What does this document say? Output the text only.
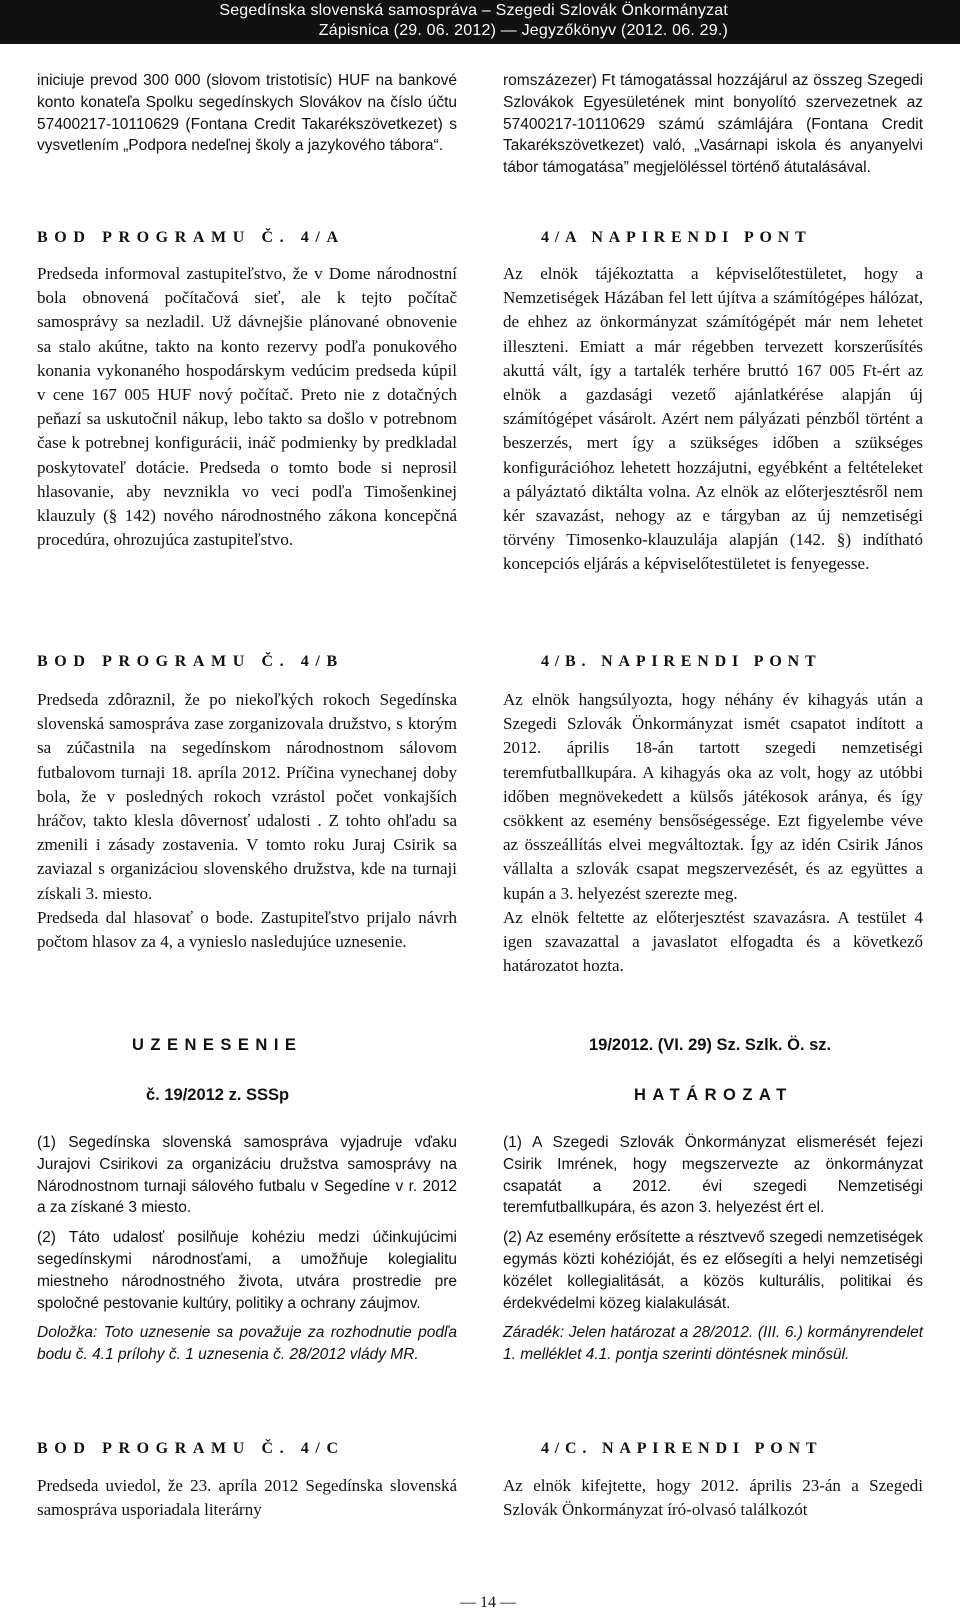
Segedínska slovenská samospráva – Szegedi Szlovák Önkormányzat
Zápisnica (29. 06. 2012) — Jegyzőkönyv (2012. 06. 29.)

iniciuje prevod 300 000 (slovom tristotisíc) HUF na bankové konto konateľa Spolku segedínskych Slovákov na číslo účtu 57400217-10110629 (Fontana Credit Takarékszövetkezet) s vysvetlením „Podpora nedeľnej školy a jazykového tábora“.

romszázezer) Ft támogatással hozzájárul az összeg Szegedi Szlovákok Egyesületének mint bonyolító szervezetnek az 57400217-10110629 számú számlájára (Fontana Credit Takarékszövetkezet) való, „Vasárnapi iskola és anyanyelvi tábor támogatása” megjelöléssel történő átutalásával.

BOD PROGRAMU Č. 4/A	4/A NAPIRENDI PONT

Predseda informoval zastupiteľstvo, že v Dome národnostní bola obnovená počítačová sieť, ale k tejto počítač samosprávy sa nezladil. Už dávnejšie plánované obnovenie sa stalo akútne, takto na konto rezervy podľa ponukového konania vykonaného hospodárskym vedúcim predseda kúpil v cene 167 005 HUF nový počítač. Preto nie z dotačných peňazí sa uskutočnil nákup, lebo takto sa došlo v potrebnom čase k potrebnej konfigurácii, ináč podmienky by predkladal poskytovateľ dotácie. Predseda o tomto bode si neprosil hlasovanie, aby nevznikla vo veci podľa Timošenkinej klauzuly (§ 142) nového národnostného zákona koncepčná procedúra, ohrozujúca zastupiteľstvo.

Az elnök tájékoztatta a képviselőtestületet, hogy a Nemzetiségek Házában fel lett újítva a számítógépes hálózat, de ehhez az önkormányzat számítógépét már nem lehetet illeszteni. Emiatt a már régebben tervezett korszerűsítés akuttá vált, így a tartalék terhére bruttó 167 005 Ft-ért az elnök a gazdasági vezető ajánlatkérése alapján új számítógépet vásárolt. Azért nem pályázati pénzből történt a beszerzés, mert így a szükséges időben a szükséges konfigurációhoz lehetett hozzájutni, egyébként a feltételeket a pályáztató diktálta volna. Az elnök az előterjesztésről nem kér szavazást, nehogy az e tárgyban az új nemzetiségi törvény Timosenko-klauzulája alapján (142. §) indítható koncepciós eljárás a képviselőtestületet is fenyegesse.

BOD PROGRAMU Č. 4/B	4/B. NAPIRENDI PONT

Predseda zdôraznil, že po niekoľkých rokoch Segedínska slovenská samospráva zase zorganizovala družstvo, s ktorým sa zúčastnila na segedínskom národnostnom sálovom futbalovom turnaji 18. apríla 2012. Príčina vynechanej doby bola, že v posledných rokoch vzrástol počet vonkajších hráčov, takto klesla dôvernosť udalosti . Z tohto ohľadu sa zmenili i zásady zostavenia. V tomto roku Juraj Csirik sa zaviazal s organizáciou slovenského družstva, kde na turnaji získali 3. miesto.

Predseda dal hlasovať o bode. Zastupiteľstvo prijalo návrh počtom hlasov za 4, a vynieslo nasledujúce uznesenie.

Az elnök hangsúlyozta, hogy néhány év kihagyás után a Szegedi Szlovák Önkormányzat ismét csapatot indított a 2012. április 18-án tartott szegedi nemzetiségi teremfutballkupára. A kihagyás oka az volt, hogy az utóbbi időben megnövekedett a külsős játékosok aránya, és így csökkent az esemény bensőségessége. Ezt figyelembe véve az összeállítás elvei megváltoztak. Így az idén Csirik János vállalta a szlovák csapat megszervezését, és az együttes a kupán a 3. helyezést szerezte meg.

Az elnök feltette az előterjesztést szavazásra. A testület 4 igen szavazattal a javaslatot elfogadta és a következő határozatot hozta.

UZENESENIE
č. 19/2012 z. SSSp
19/2012. (VI. 29) Sz. Szlk. Ö. sz.
HATÁROZAT

(1) Segedínska slovenská samospráva vyjadruje vďaku Jurajovi Csirikovi za organizáciu družstva samosprávy na Národnostnom turnaji sálového futbalu v Segedíne v r. 2012 a za získané 3 miesto.

(2) Táto udalosť posilňuje kohéziu medzi účinkujúcimi segedínskymi národnosťami, a umožňuje kolegialitu miestneho národnostného života, utvára prostredie pre spoločné pestovanie kultúry, politiky a ochrany záujmov.

Doložka: Toto uznesenie sa považuje za rozhodnutie podľa bodu č. 4.1 prílohy č. 1 uznesenia č. 28/2012 vlády MR.

(1) A Szegedi Szlovák Önkormányzat elismerését fejezi Csirik Imrének, hogy megszervezte az önkormányzat csapatát a 2012. évi szegedi Nemzetiségi teremfutballkupára, és azon 3. helyezést ért el.

(2) Az esemény erősítette a résztvevő szegedi nemzetiségek egymás közti kohézióját, és ez elősegíti a helyi nemzetiségi közélet kollegialitását, a közös kulturális, politikai és érdekvédelmi közeg kialakulását.

Záradék: Jelen határozat a 28/2012. (III. 6.) kormányrendelet 1. melléklet 4.1. pontja szerinti döntésnek minősül.

BOD PROGRAMU Č. 4/C	4/C. NAPIRENDI PONT

Predseda uviedol, že 23. apríla 2012 Segedínska slovenská samospráva usporiadala literárny

Az elnök kifejtette, hogy 2012. április 23-án a Szegedi Szlovák Önkormányzat író-olvasó találkozót

— 14 —
